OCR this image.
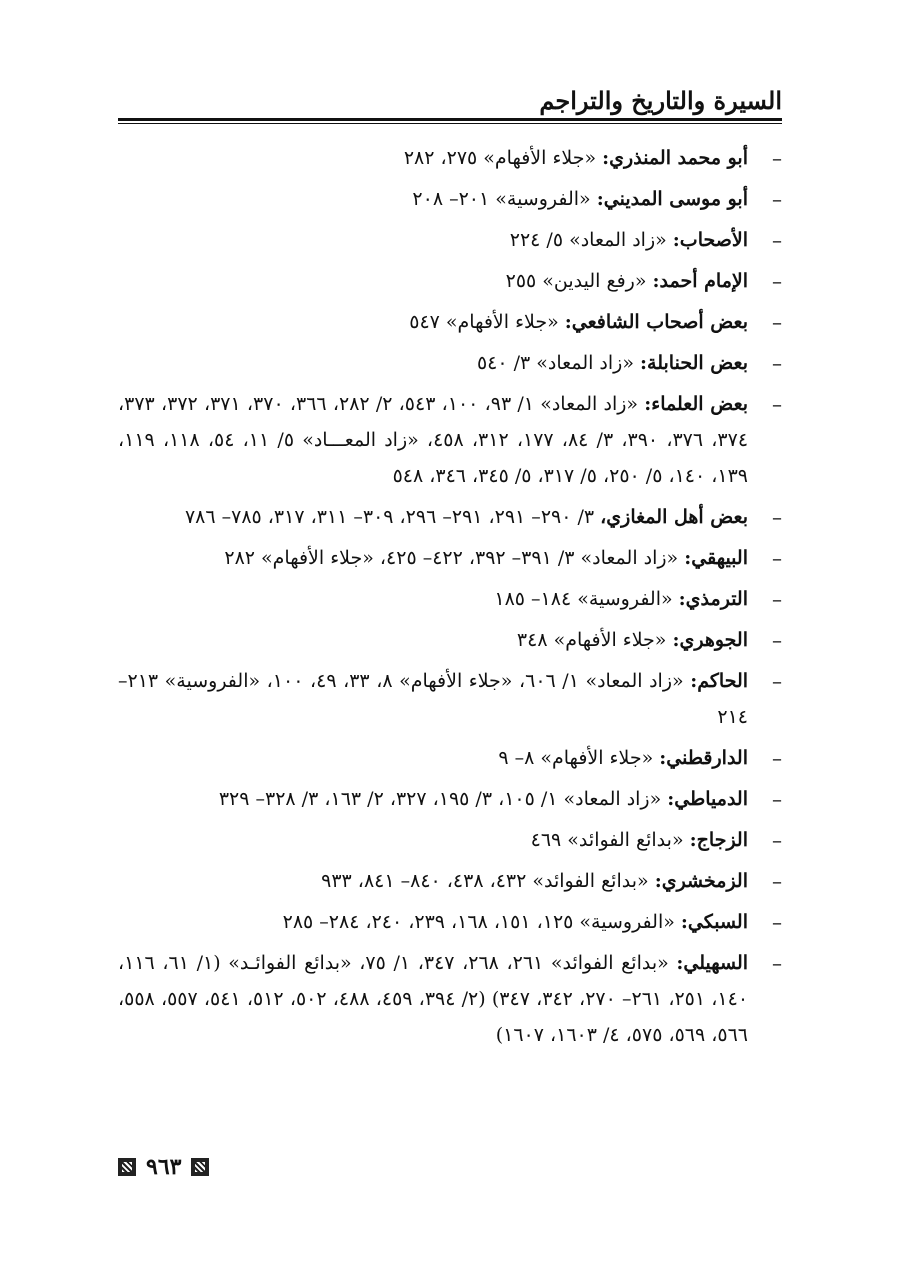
السيرة والتاريخ والتراجم
–
أبو محمد المنذري: «جلاء الأفهام» ٢٧٥، ٢٨٢
–
أبو موسى المديني: «الفروسية» ٢٠١– ٢٠٨
–
الأصحاب: «زاد المعاد» ٥/ ٢٢٤
–
الإمام أحمد: «رفع اليدين» ٢٥٥
–
بعض أصحاب الشافعي: «جلاء الأفهام» ٥٤٧
–
بعض الحنابلة: «زاد المعاد» ٣/ ٥٤٠
–
بعض العلماء: «زاد المعاد» ١/ ٩٣، ١٠٠، ٥٤٣، ٢/ ٢٨٢، ٣٦٦، ٣٧٠، ٣٧١، ٣٧٢، ٣٧٣، ٣٧٤، ٣٧٦، ٣٩٠، ٣/ ٨٤، ١٧٧، ٣١٢، ٤٥٨، «زاد المعـــاد» ٥/ ١١، ٥٤، ١١٨، ١١٩، ١٣٩، ١٤٠، ٥/ ٢٥٠، ٥/ ٣١٧، ٥/ ٣٤٥، ٣٤٦، ٥٤٨
–
بعض أهل المغازي، ٣/ ٢٩٠– ٢٩١، ٢٩١– ٢٩٦، ٣٠٩– ٣١١، ٣١٧، ٧٨٥– ٧٨٦
–
البيهقي: «زاد المعاد» ٣/ ٣٩١– ٣٩٢، ٤٢٢– ٤٢٥، «جلاء الأفهام» ٢٨٢
–
الترمذي: «الفروسية» ١٨٤– ١٨٥
–
الجوهري: «جلاء الأفهام» ٣٤٨
–
الحاكم: «زاد المعاد» ١/ ٦٠٦، «جلاء الأفهام» ٨، ٣٣، ٤٩، ١٠٠، «الفروسية» ٢١٣– ٢١٤
–
الدارقطني: «جلاء الأفهام» ٨– ٩
–
الدمياطي: «زاد المعاد» ١/ ١٠٥، ٣/ ١٩٥، ٣٢٧، ٢/ ١٦٣، ٣/ ٣٢٨– ٣٢٩
–
الزجاج: «بدائع الفوائد» ٤٦٩
–
الزمخشري: «بدائع الفوائد» ٤٣٢، ٤٣٨، ٨٤٠– ٨٤١، ٩٣٣
–
السبكي: «الفروسية» ١٢٥، ١٥١، ١٦٨، ٢٣٩، ٢٤٠، ٢٨٤– ٢٨٥
–
السهيلي: «بدائع الفوائد» ٢٦١، ٢٦٨، ٣٤٧، ١/ ٧٥، «بدائع الفوائـد» (١/ ٦١، ١١٦، ١٤٠، ٢٥١، ٢٦١– ٢٧٠، ٣٤٢، ٣٤٧) (٢/ ٣٩٤، ٤٥٩، ٤٨٨، ٥٠٢، ٥١٢، ٥٤١، ٥٥٧، ٥٥٨، ٥٦٦، ٥٦٩، ٥٧٥، ٤/ ١٦٠٣، ١٦٠٧)
٩٦٣
